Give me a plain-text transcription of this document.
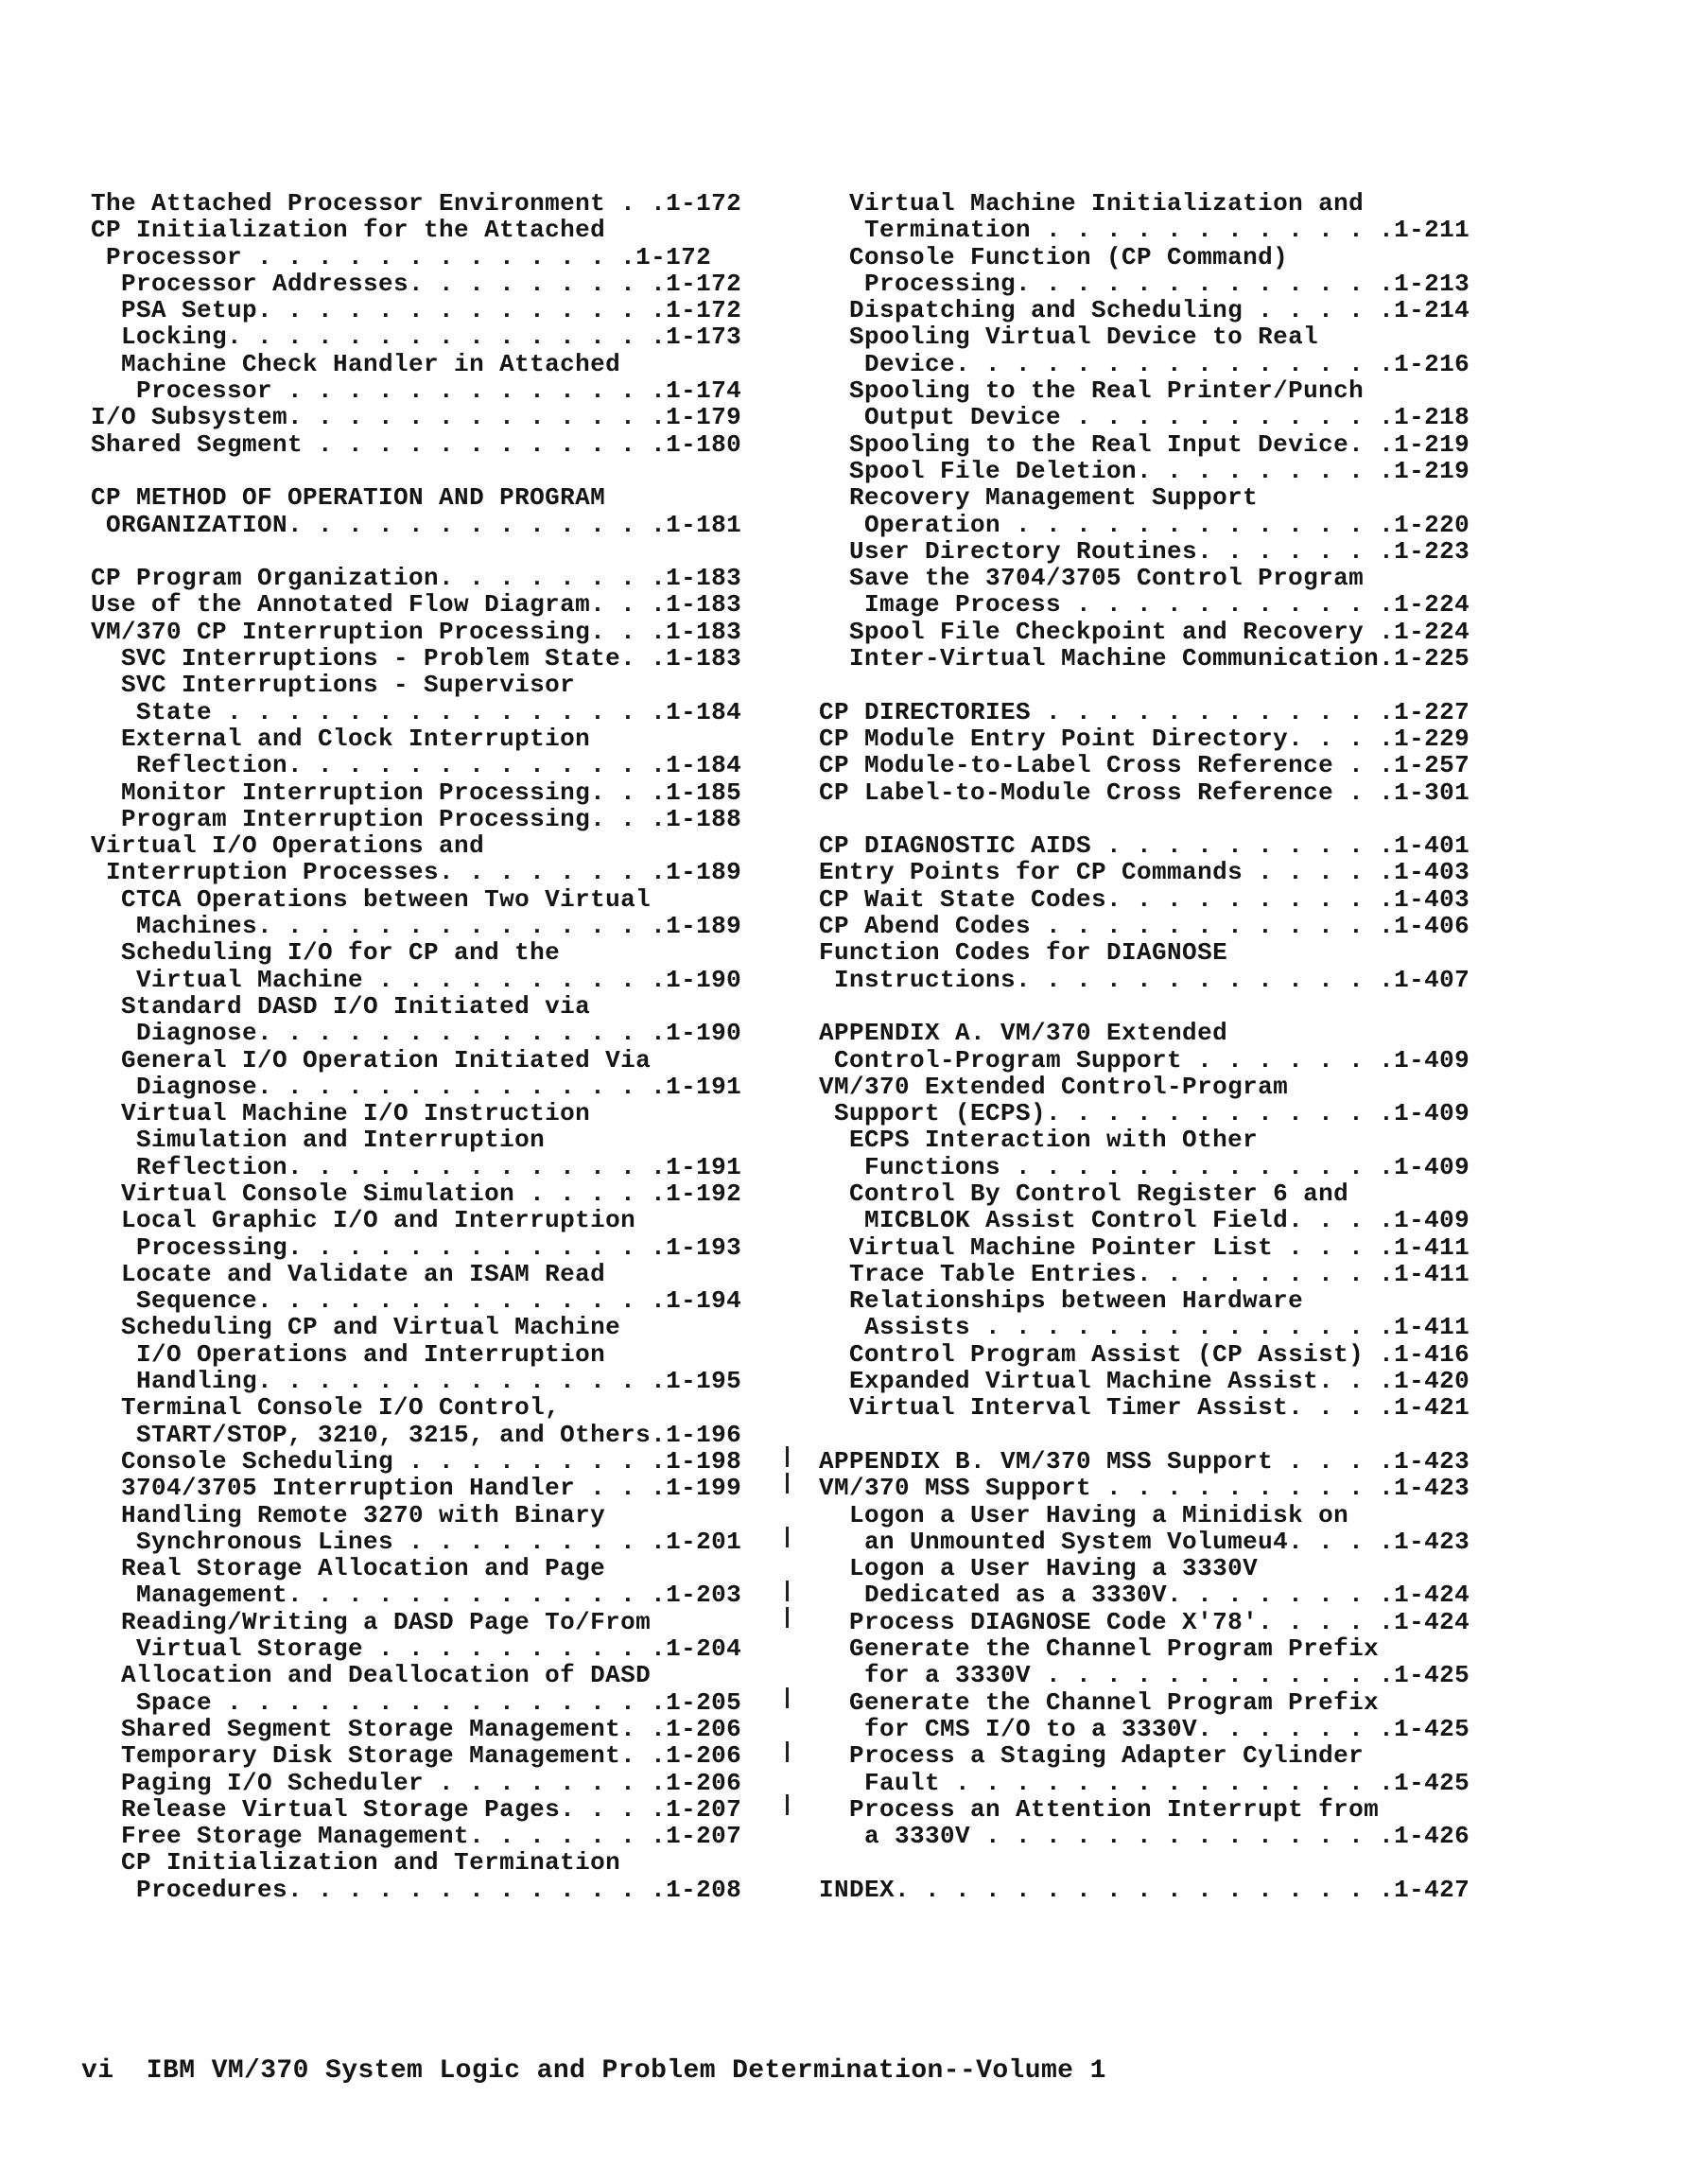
The Attached Processor Environment . .1-172
CP Initialization for the Attached
Processor . . . . . . . . . . . . .1-172
Processor Addresses. . . . . . . . .1-172
PSA Setup. . . . . . . . . . . . . .1-172
Locking. . . . . . . . . . . . . . .1-173
Machine Check Handler in Attached
Processor . . . . . . . . . . . . .1-174
I/O Subsystem. . . . . . . . . . . . .1-179
Shared Segment . . . . . . . . . . . .1-180
CP METHOD OF OPERATION AND PROGRAM
ORGANIZATION. . . . . . . . . . . . .1-181
CP Program Organization. . . . . . . .1-183
Use of the Annotated Flow Diagram. . .1-183
VM/370 CP Interruption Processing. . .1-183
SVC Interruptions - Problem State. .1-183
SVC Interruptions - Supervisor
State . . . . . . . . . . . . . . .1-184
External and Clock Interruption
Reflection. . . . . . . . . . . . .1-184
Monitor Interruption Processing. . .1-185
Program Interruption Processing. . .1-188
Virtual I/O Operations and
Interruption Processes. . . . . . . .1-189
CTCA Operations between Two Virtual
Machines. . . . . . . . . . . . . .1-189
Scheduling I/O for CP and the
Virtual Machine . . . . . . . . . .1-190
Standard DASD I/O Initiated via
Diagnose. . . . . . . . . . . . . .1-190
General I/O Operation Initiated Via
Diagnose. . . . . . . . . . . . . .1-191
Virtual Machine I/O Instruction
Simulation and Interruption
Reflection. . . . . . . . . . . . .1-191
Virtual Console Simulation . . . . .1-192
Local Graphic I/O and Interruption
Processing. . . . . . . . . . . . .1-193
Locate and Validate an ISAM Read
Sequence. . . . . . . . . . . . . .1-194
Scheduling CP and Virtual Machine
I/O Operations and Interruption
Handling. . . . . . . . . . . . . .1-195
Terminal Console I/O Control,
START/STOP, 3210, 3215, and Others.1-196
Console Scheduling . . . . . . . . .1-198
3704/3705 Interruption Handler . . .1-199
Handling Remote 3270 with Binary
Synchronous Lines . . . . . . . . .1-201
Real Storage Allocation and Page
Management. . . . . . . . . . . . .1-203
Reading/Writing a DASD Page To/From
Virtual Storage . . . . . . . . . .1-204
Allocation and Deallocation of DASD
Space . . . . . . . . . . . . . . .1-205
Shared Segment Storage Management. .1-206
Temporary Disk Storage Management. .1-206
Paging I/O Scheduler . . . . . . . .1-206
Release Virtual Storage Pages. . . .1-207
Free Storage Management. . . . . . .1-207
CP Initialization and Termination
Procedures. . . . . . . . . . . . .1-208
Virtual Machine Initialization and
Termination . . . . . . . . . . . .1-211
Console Function (CP Command)
Processing. . . . . . . . . . . . .1-213
Dispatching and Scheduling . . . . .1-214
Spooling Virtual Device to Real
Device. . . . . . . . . . . . . . .1-216
Spooling to the Real Printer/Punch
Output Device . . . . . . . . . . .1-218
Spooling to the Real Input Device. .1-219
Spool File Deletion. . . . . . . . .1-219
Recovery Management Support
Operation . . . . . . . . . . . . .1-220
User Directory Routines. . . . . . .1-223
Save the 3704/3705 Control Program
Image Process . . . . . . . . . . .1-224
Spool File Checkpoint and Recovery .1-224
Inter-Virtual Machine Communication.1-225
CP DIRECTORIES . . . . . . . . . . . .1-227
CP Module Entry Point Directory. . . .1-229
CP Module-to-Label Cross Reference . .1-257
CP Label-to-Module Cross Reference . .1-301
CP DIAGNOSTIC AIDS . . . . . . . . . .1-401
Entry Points for CP Commands . . . . .1-403
CP Wait State Codes. . . . . . . . . .1-403
CP Abend Codes . . . . . . . . . . . .1-406
Function Codes for DIAGNOSE
Instructions. . . . . . . . . . . . .1-407
APPENDIX A. VM/370 Extended
Control-Program Support . . . . . . .1-409
VM/370 Extended Control-Program
Support (ECPS). . . . . . . . . . . .1-409
ECPS Interaction with Other
Functions . . . . . . . . . . . . .1-409
Control By Control Register 6 and
MICBLOK Assist Control Field. . . .1-409
Virtual Machine Pointer List . . . .1-411
Trace Table Entries. . . . . . . . .1-411
Relationships between Hardware
Assists . . . . . . . . . . . . . .1-411
Control Program Assist (CP Assist) .1-416
Expanded Virtual Machine Assist. . .1-420
Virtual Interval Timer Assist. . . .1-421
APPENDIX B. VM/370 MSS Support . . . .1-423
VM/370 MSS Support . . . . . . . . . .1-423
Logon a User Having a Minidisk on
an Unmounted System Volumeu4. . . .1-423
Logon a User Having a 3330V
Dedicated as a 3330V. . . . . . . .1-424
Process DIAGNOSE Code X'78'. . . . .1-424
Generate the Channel Program Prefix
for a 3330V . . . . . . . . . . . .1-425
Generate the Channel Program Prefix
for CMS I/O to a 3330V. . . . . . .1-425
Process a Staging Adapter Cylinder
Fault . . . . . . . . . . . . . . .1-425
Process an Attention Interrupt from
a 3330V . . . . . . . . . . . . . .1-426
INDEX. . . . . . . . . . . . . . . . .1-427
vi  IBM VM/370 System Logic and Problem Determination--Volume 1
